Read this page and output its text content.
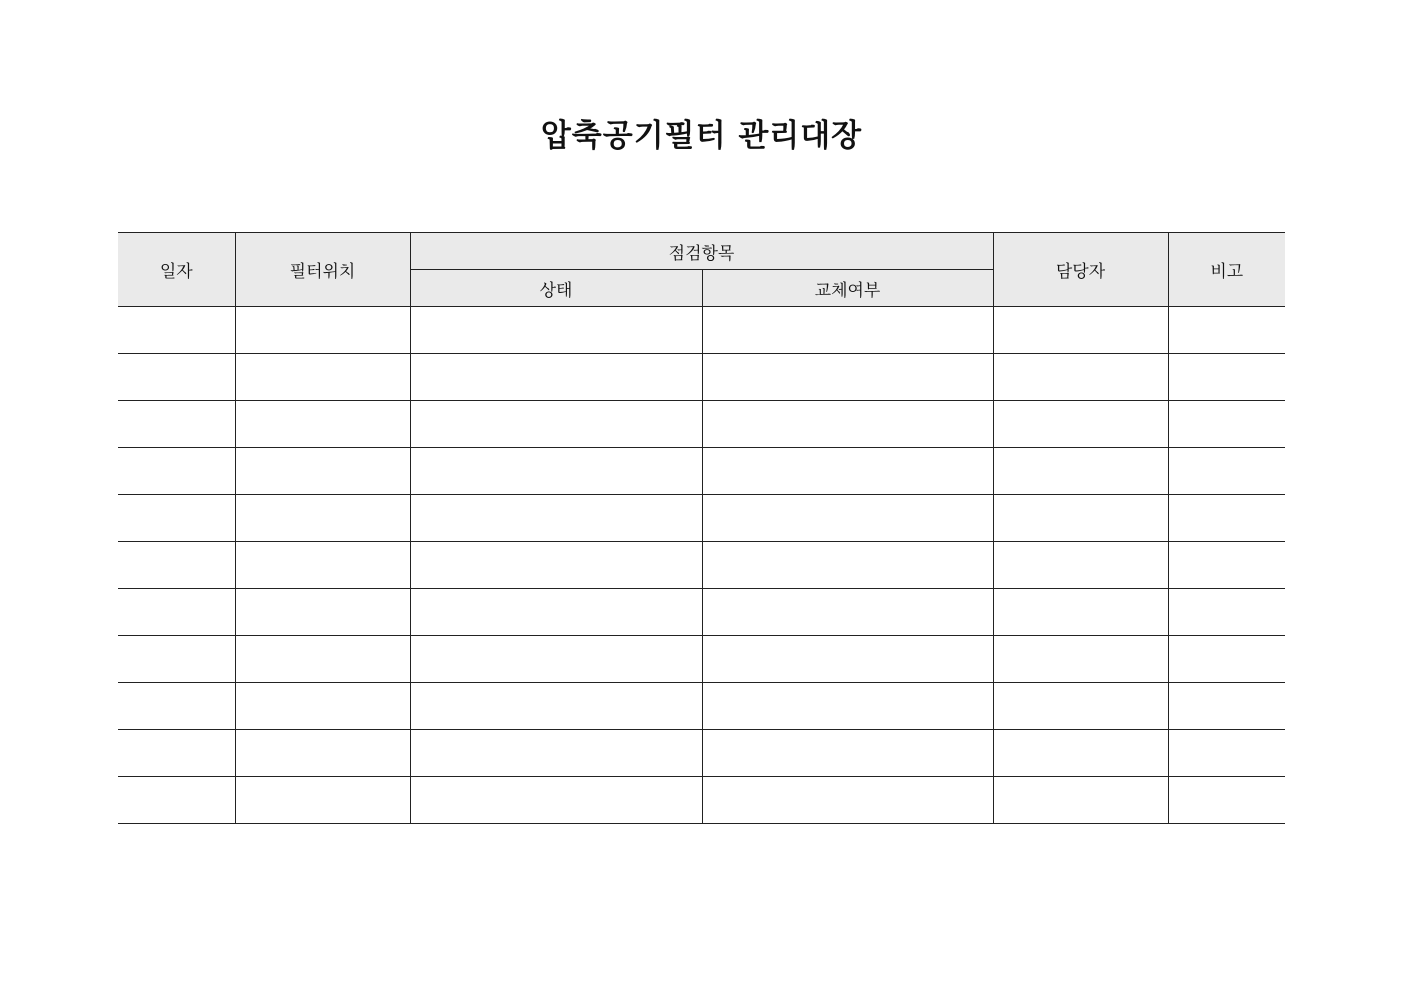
압축공기필터 관리대장
일자	필터위치	점검항목		담당자	비고
		상태	교체여부		
